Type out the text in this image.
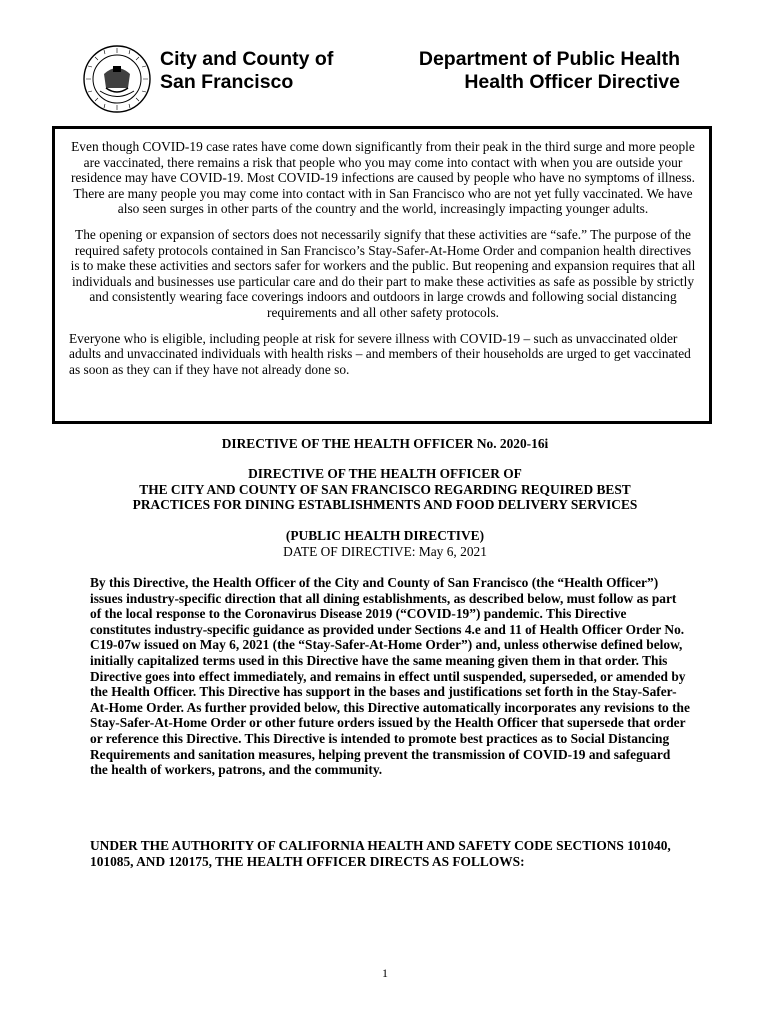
City and County of
San Francisco
Department of Public Health
Health Officer Directive

Even though COVID-19 case rates have come down significantly from their peak in the third surge and more people are vaccinated, there remains a risk that people who you may come into contact with when you are outside your residence may have COVID-19. Most COVID-19 infections are caused by people who have no symptoms of illness. There are many people you may come into contact with in San Francisco who are not yet fully vaccinated. We have also seen surges in other parts of the country and the world, increasingly impacting younger adults.

The opening or expansion of sectors does not necessarily signify that these activities are “safe.” The purpose of the required safety protocols contained in San Francisco’s Stay-Safer-At-Home Order and companion health directives is to make these activities and sectors safer for workers and the public. But reopening and expansion requires that all individuals and businesses use particular care and do their part to make these activities as safe as possible by strictly and consistently wearing face coverings indoors and outdoors in large crowds and following social distancing requirements and all other safety protocols.

Everyone who is eligible, including people at risk for severe illness with COVID-19 – such as unvaccinated older adults and unvaccinated individuals with health risks – and members of their households are urged to get vaccinated as soon as they can if they have not already done so.

DIRECTIVE OF THE HEALTH OFFICER No. 2020-16i
DIRECTIVE OF THE HEALTH OFFICER OF
THE CITY AND COUNTY OF SAN FRANCISCO REGARDING REQUIRED BEST
PRACTICES FOR DINING ESTABLISHMENTS AND FOOD DELIVERY SERVICES
(PUBLIC HEALTH DIRECTIVE)
DATE OF DIRECTIVE: May 6, 2021
By this Directive, the Health Officer of the City and County of San Francisco (the “Health Officer”) issues industry-specific direction that all dining establishments, as described below, must follow as part of the local response to the Coronavirus Disease 2019 (“COVID-19”) pandemic. This Directive constitutes industry-specific guidance as provided under Sections 4.e and 11 of Health Officer Order No. C19-07w issued on May 6, 2021 (the “Stay-Safer-At-Home Order”) and, unless otherwise defined below, initially capitalized terms used in this Directive have the same meaning given them in that order. This Directive goes into effect immediately, and remains in effect until suspended, superseded, or amended by the Health Officer. This Directive has support in the bases and justifications set forth in the Stay-Safer-At-Home Order. As further provided below, this Directive automatically incorporates any revisions to the Stay-Safer-At-Home Order or other future orders issued by the Health Officer that supersede that order or reference this Directive. This Directive is intended to promote best practices as to Social Distancing Requirements and sanitation measures, helping prevent the transmission of COVID-19 and safeguard the health of workers, patrons, and the community.
UNDER THE AUTHORITY OF CALIFORNIA HEALTH AND SAFETY CODE SECTIONS 101040, 101085, AND 120175, THE HEALTH OFFICER DIRECTS AS FOLLOWS:
1
